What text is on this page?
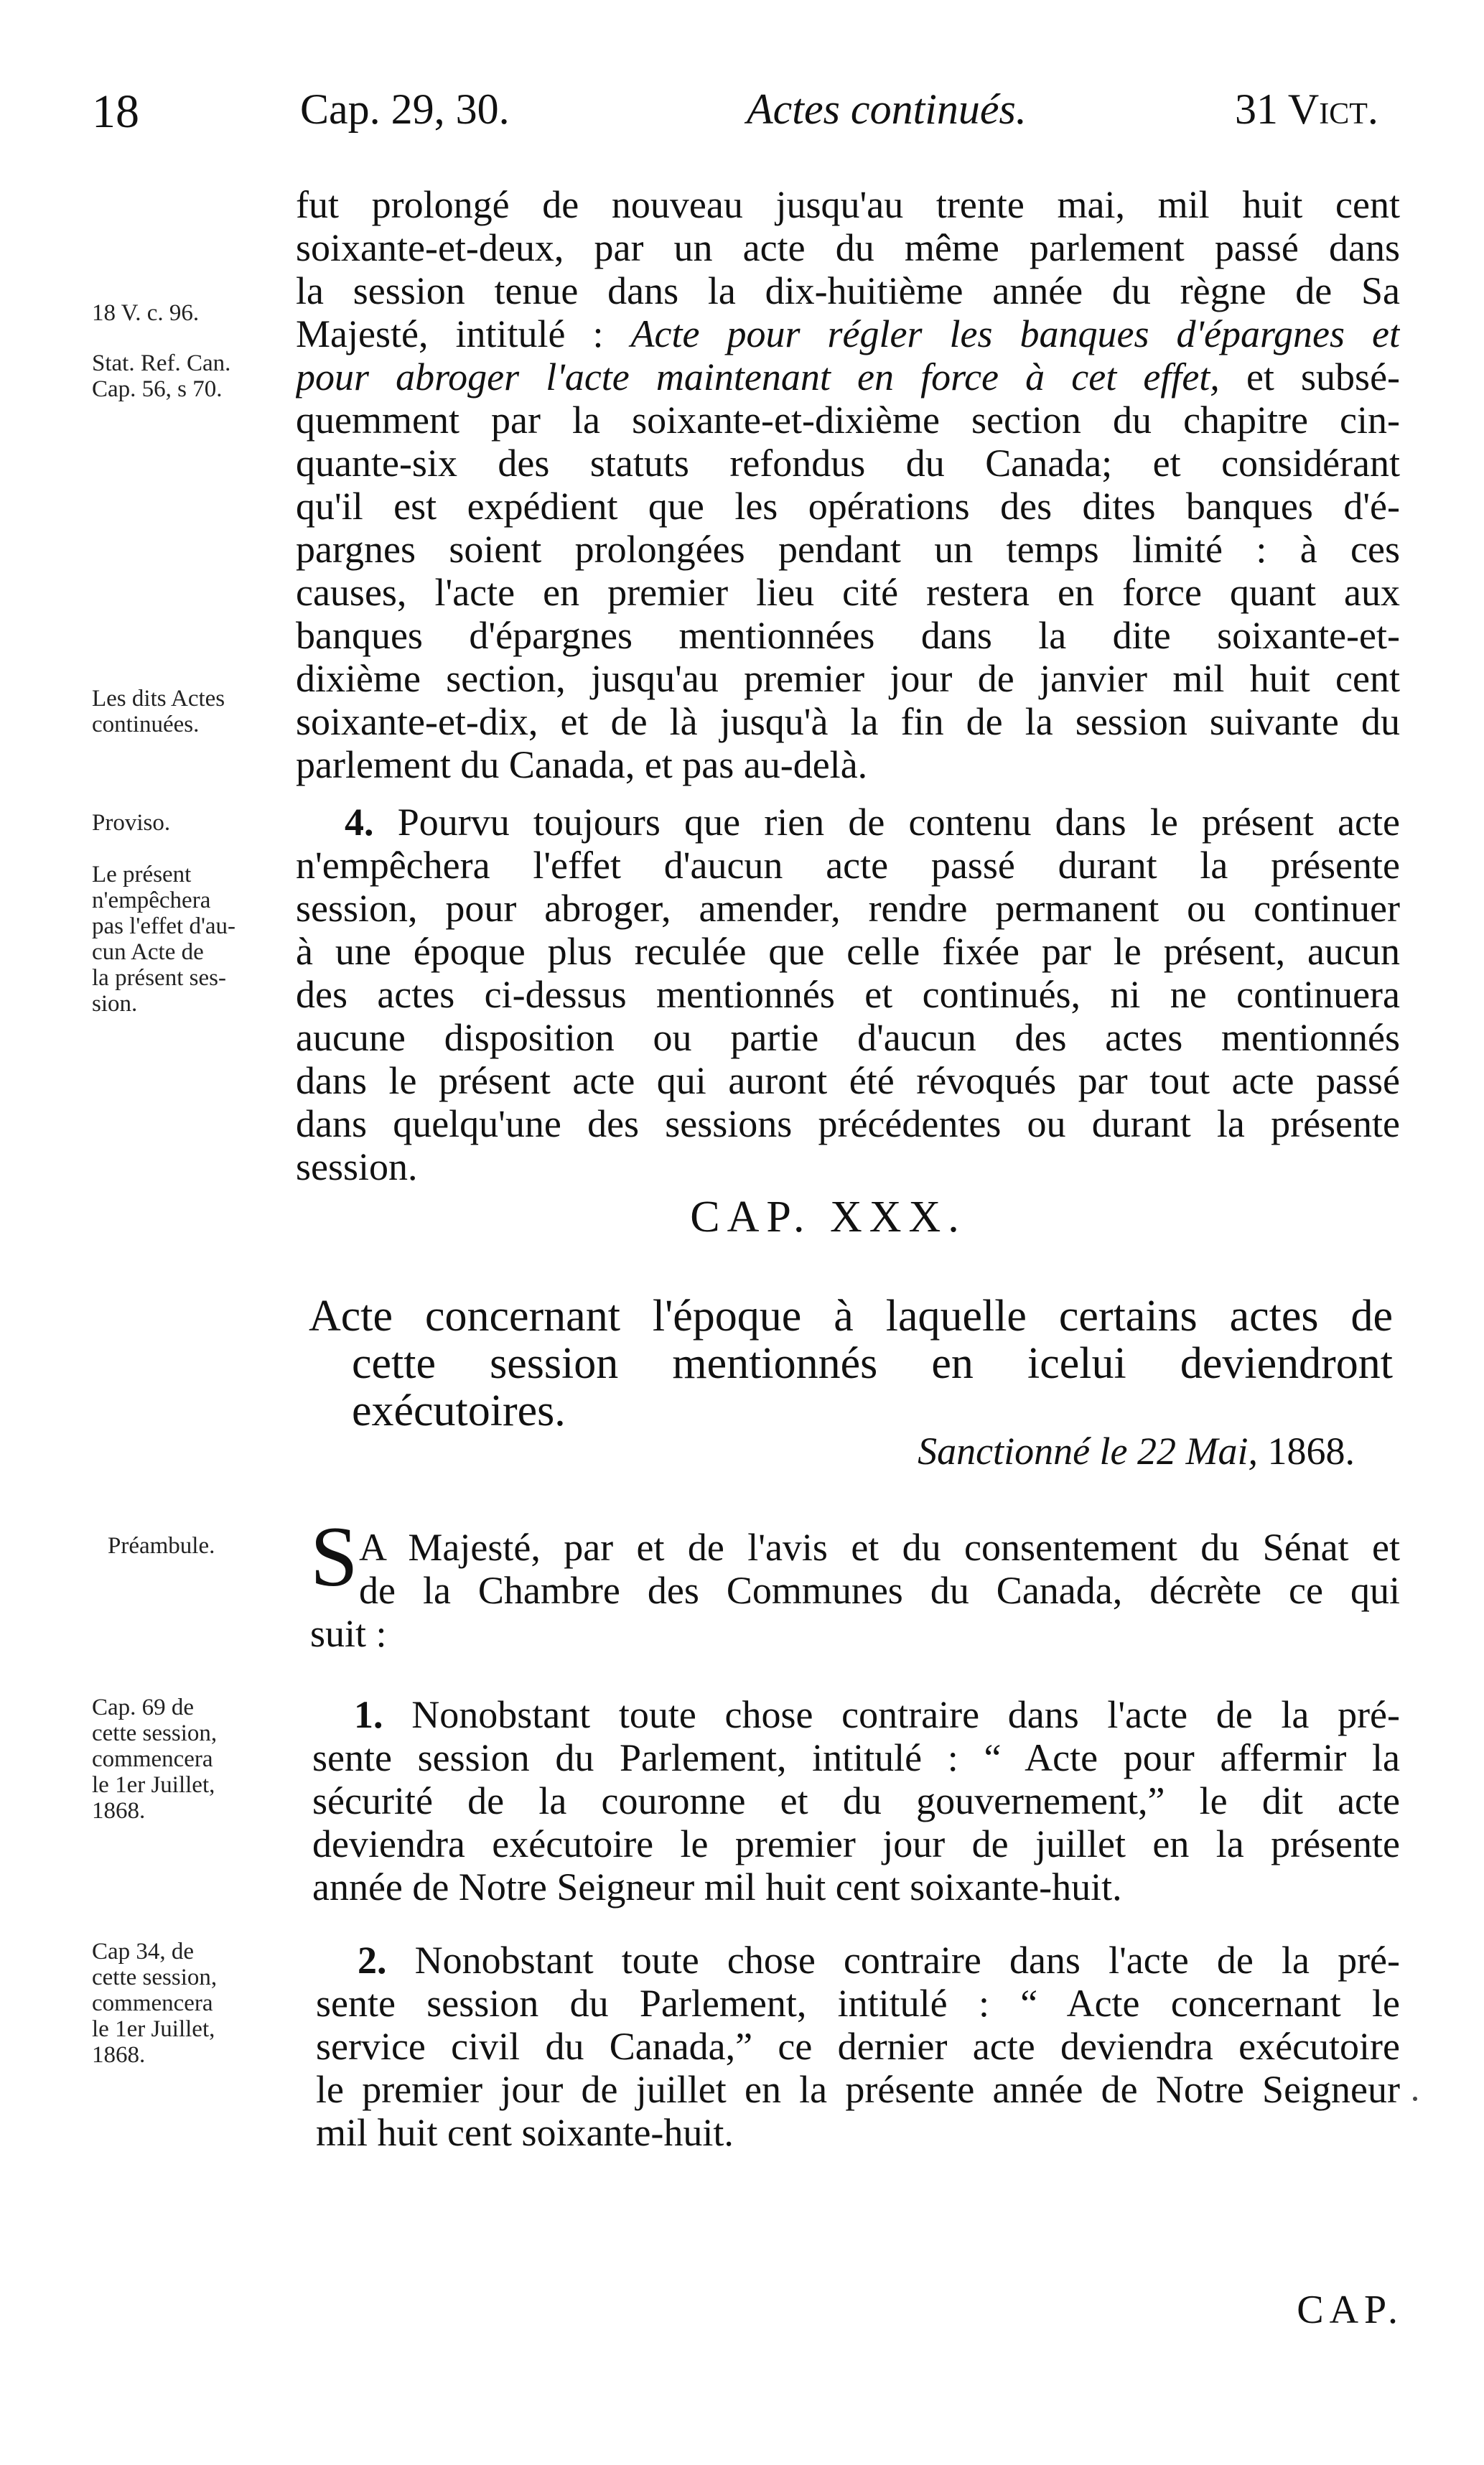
18	Cap. 29, 30.	Actes continués.	31 Vict.
18 V. c. 96.
Stat. Ref. Can.
Cap. 56, s 70.
Les dits Actes
continuées.
Proviso.
Le présent
n'empêchera
pas l'effet d'au-
cun Acte de
la présent ses-
sion.
Préambule.
Cap. 69 de
cette session,
commencera
le 1er Juillet,
1868.
Cap 34, de
cette session,
commencera
le 1er Juillet,
1868.
fut prolongé de nouveau jusqu'au trente mai, mil huit cent
soixante-et-deux, par un acte du même parlement passé dans
la session tenue dans la dix-huitième année du règne de Sa
Majesté, intitulé : Acte pour régler les banques d'épargnes et
pour abroger l'acte maintenant en force à cet effet, et subsé-
quemment par la soixante-et-dixième section du chapitre cin-
quante-six des statuts refondus du Canada; et considérant
qu'il est expédient que les opérations des dites banques d'é-
pargnes soient prolongées pendant un temps limité : à ces
causes, l'acte en premier lieu cité restera en force quant aux
banques d'épargnes mentionnées dans la dite soixante-et-
dixième section, jusqu'au premier jour de janvier mil huit cent
soixante-et-dix, et de là jusqu'à la fin de la session suivante du
parlement du Canada, et pas au-delà.
4. Pourvu toujours que rien de contenu dans le présent acte
n'empêchera l'effet d'aucun acte passé durant la présente
session, pour abroger, amender, rendre permanent ou continuer
à une époque plus reculée que celle fixée par le présent, aucun
des actes ci-dessus mentionnés et continués, ni ne continuera
aucune disposition ou partie d'aucun des actes mentionnés
dans le présent acte qui auront été révoqués par tout acte passé
dans quelqu'une des sessions précédentes ou durant la présente
session.
CAP. XXX.
Acte concernant l'époque à laquelle certains actes de
cette session mentionnés en icelui deviendront
exécutoires.
Sanctionné le 22 Mai, 1868.
S A Majesté, par et de l'avis et du consentement du Sénat et
de la Chambre des Communes du Canada, décrète ce qui
suit :
1. Nonobstant toute chose contraire dans l'acte de la pré-
sente session du Parlement, intitulé : “ Acte pour affermir la
sécurité de la couronne et du gouvernement,” le dit acte
deviendra exécutoire le premier jour de juillet en la présente
année de Notre Seigneur mil huit cent soixante-huit.
2. Nonobstant toute chose contraire dans l'acte de la pré-
sente session du Parlement, intitulé : “ Acte concernant le
service civil du Canada,” ce dernier acte deviendra exécutoire
le premier jour de juillet en la présente année de Notre Seigneur
mil huit cent soixante-huit.
CAP.
